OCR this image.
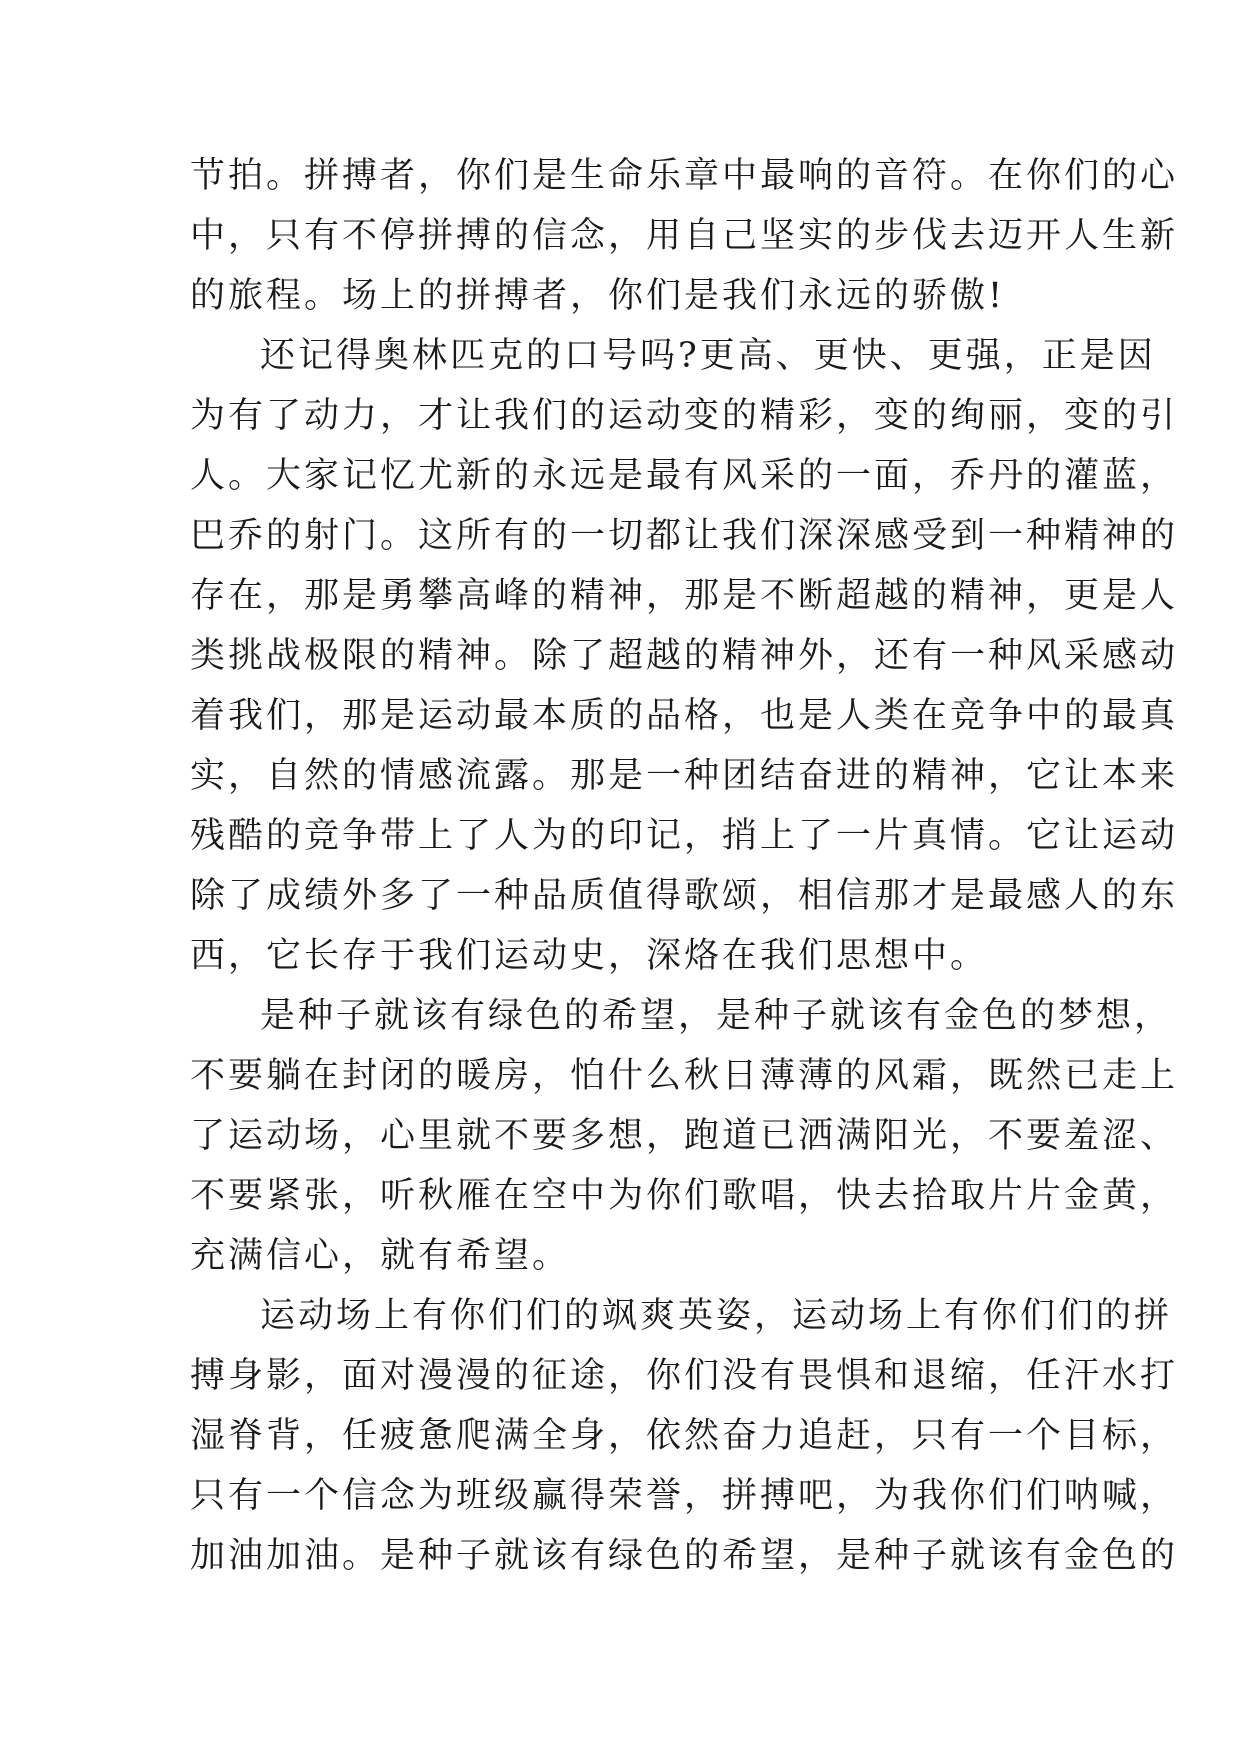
节拍。拼搏者，你们是生命乐章中最响的音符。在你们的心
中，只有不停拼搏的信念，用自己坚实的步伐去迈开人生新
的旅程。场上的拼搏者，你们是我们永远的骄傲!
还记得奥林匹克的口号吗?更高、更快、更强，正是因
为有了动力，才让我们的运动变的精彩，变的绚丽，变的引
人。大家记忆尤新的永远是最有风采的一面，乔丹的灌蓝，
巴乔的射门。这所有的一切都让我们深深感受到一种精神的
存在，那是勇攀高峰的精神，那是不断超越的精神，更是人
类挑战极限的精神。除了超越的精神外，还有一种风采感动
着我们，那是运动最本质的品格，也是人类在竞争中的最真
实，自然的情感流露。那是一种团结奋进的精神，它让本来
残酷的竞争带上了人为的印记，捎上了一片真情。它让运动
除了成绩外多了一种品质值得歌颂，相信那才是最感人的东
西，它长存于我们运动史，深烙在我们思想中。
是种子就该有绿色的希望，是种子就该有金色的梦想，
不要躺在封闭的暖房，怕什么秋日薄薄的风霜，既然已走上
了运动场，心里就不要多想，跑道已洒满阳光，不要羞涩、
不要紧张，听秋雁在空中为你们歌唱，快去拾取片片金黄，
充满信心，就有希望。
运动场上有你们们的飒爽英姿，运动场上有你们们的拼
搏身影，面对漫漫的征途，你们没有畏惧和退缩，任汗水打
湿脊背，任疲惫爬满全身，依然奋力追赶，只有一个目标，
只有一个信念为班级赢得荣誉，拼搏吧，为我你们们呐喊，
加油加油。是种子就该有绿色的希望，是种子就该有金色的
